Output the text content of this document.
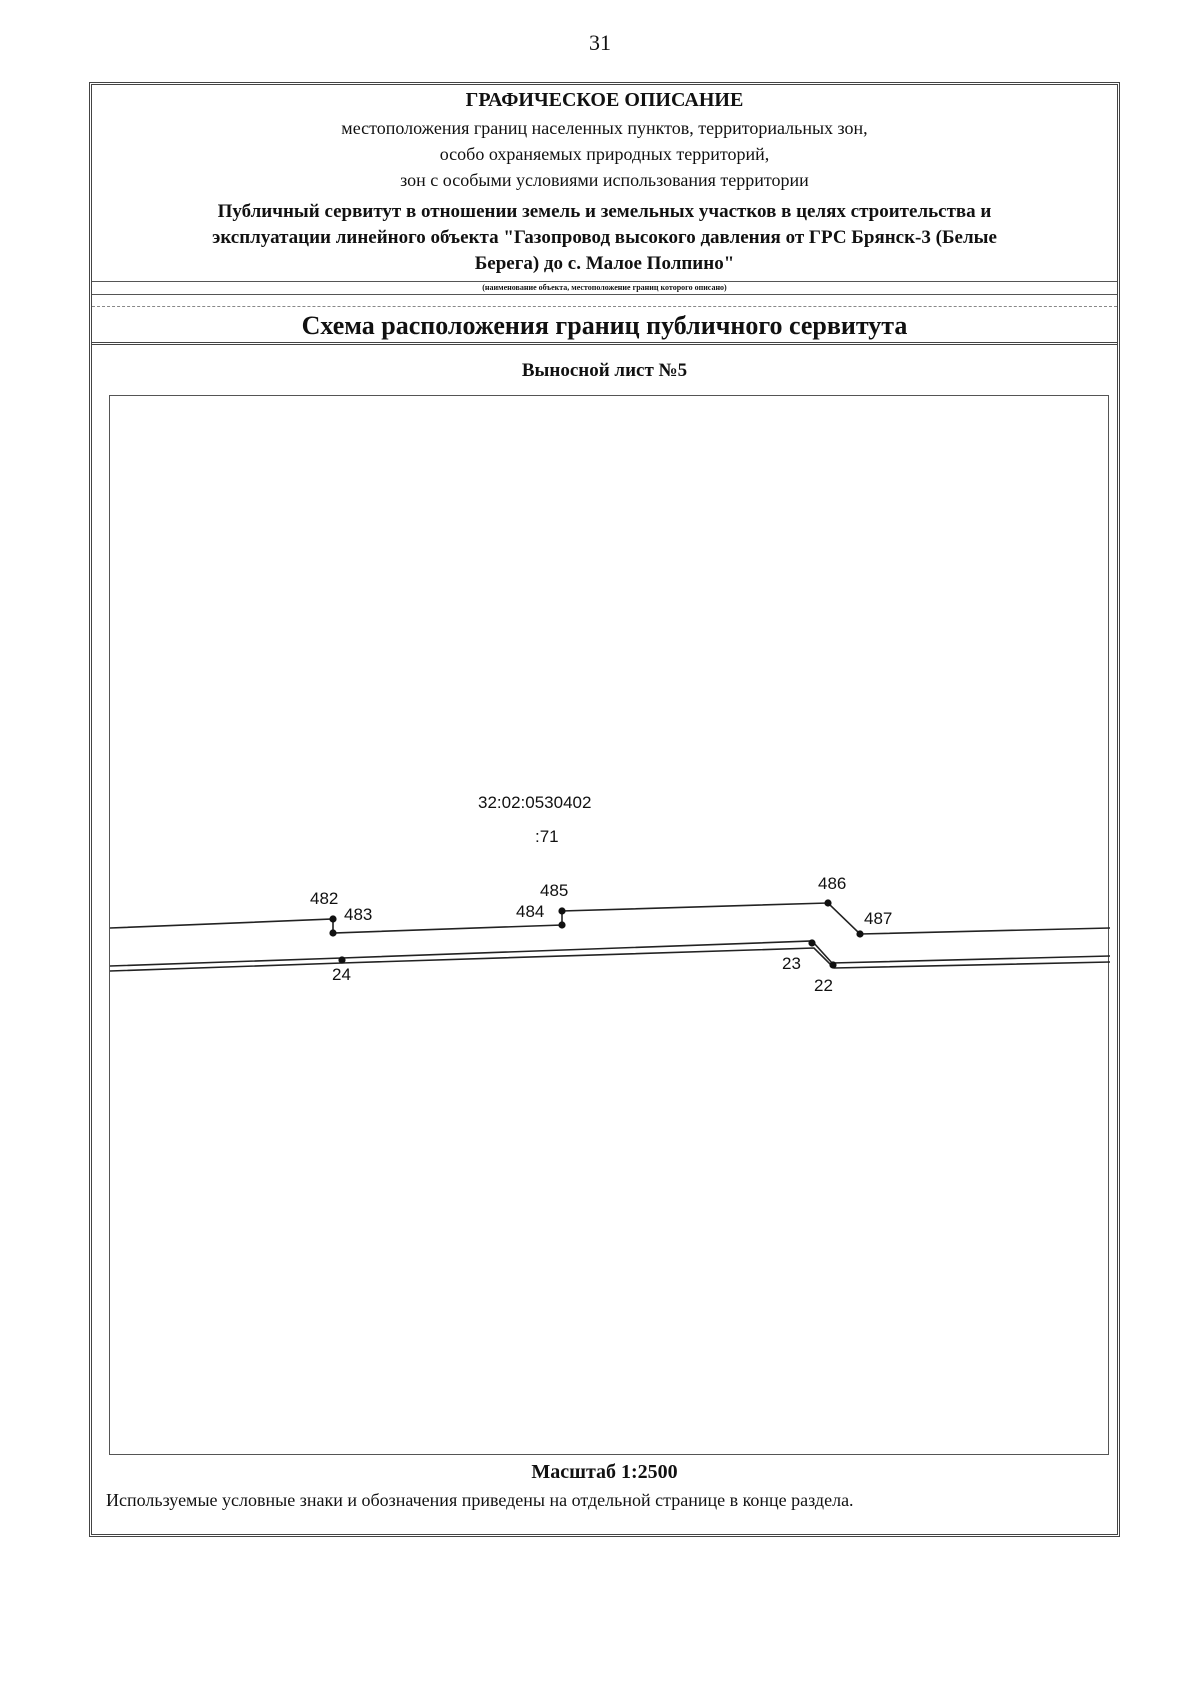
31
ГРАФИЧЕСКОЕ ОПИСАНИЕ
местоположения границ населенных пунктов, территориальных зон,
особо охраняемых природных территорий,
зон с особыми условиями использования территории
Публичный сервитут в отношении земель и земельных участков в целях строительства и
эксплуатации линейного объекта "Газопровод высокого давления от ГРС Брянск-3 (Белые
Берега) до с. Малое Полпино"
(наименование объекта, местоположение границ которого описано)
Схема расположения границ публичного сервитута
Выносной лист №5
32:02:0530402
:71
482
483	484
485	486
487
24
23
22
Масштаб 1:2500
Используемые условные знаки и обозначения приведены на отдельной странице в конце раздела.
